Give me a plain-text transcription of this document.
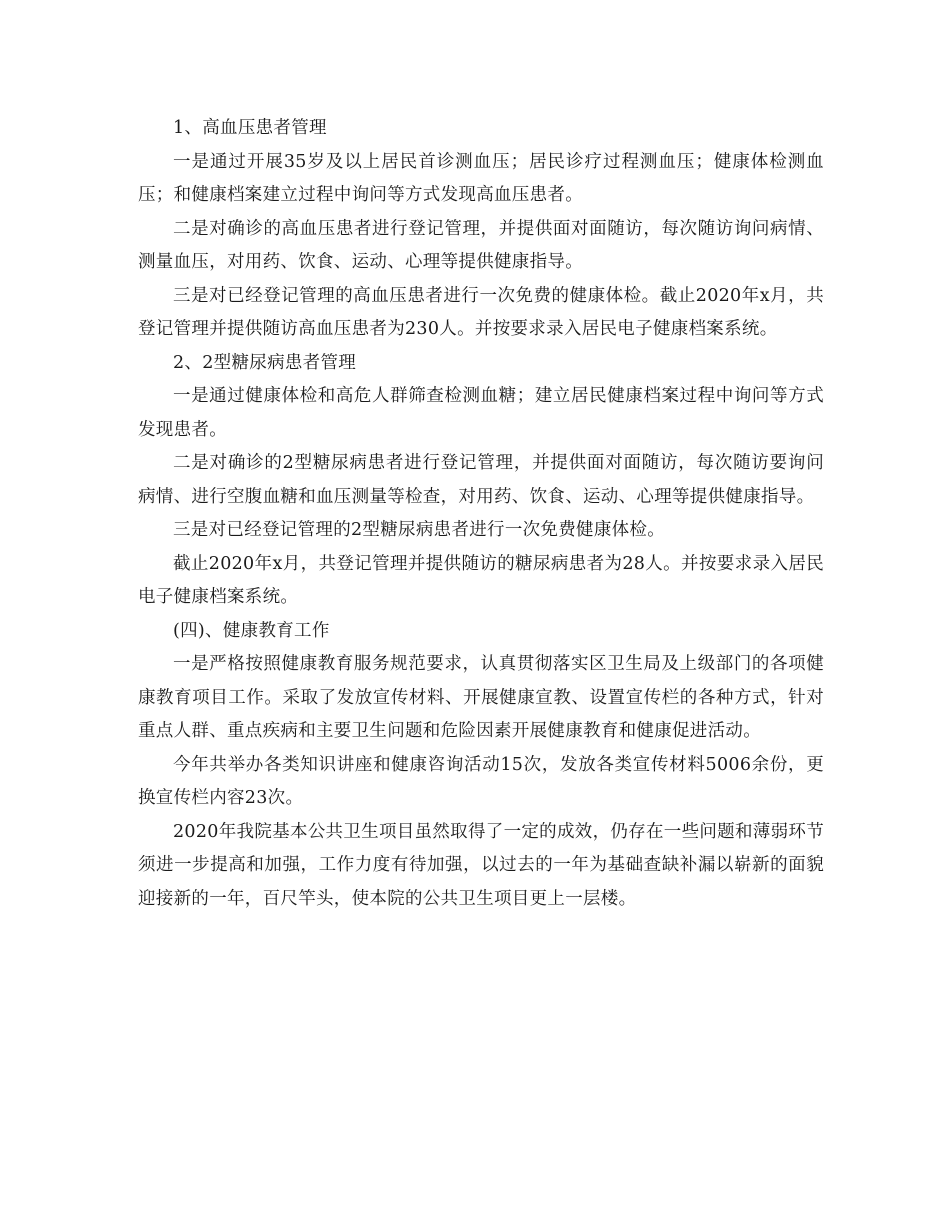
1、高血压患者管理

一是通过开展35岁及以上居民首诊测血压；居民诊疗过程测血压；健康体检测血压；和健康档案建立过程中询问等方式发现高血压患者。

二是对确诊的高血压患者进行登记管理，并提供面对面随访，每次随访询问病情、测量血压，对用药、饮食、运动、心理等提供健康指导。

三是对已经登记管理的高血压患者进行一次免费的健康体检。截止2020年x月，共登记管理并提供随访高血压患者为230人。并按要求录入居民电子健康档案系统。

2、2型糖尿病患者管理

一是通过健康体检和高危人群筛查检测血糖；建立居民健康档案过程中询问等方式发现患者。

二是对确诊的2型糖尿病患者进行登记管理，并提供面对面随访，每次随访要询问病情、进行空腹血糖和血压测量等检查，对用药、饮食、运动、心理等提供健康指导。

三是对已经登记管理的2型糖尿病患者进行一次免费健康体检。

截止2020年x月，共登记管理并提供随访的糖尿病患者为28人。并按要求录入居民电子健康档案系统。

(四)、健康教育工作

一是严格按照健康教育服务规范要求，认真贯彻落实区卫生局及上级部门的各项健康教育项目工作。采取了发放宣传材料、开展健康宣教、设置宣传栏的各种方式，针对重点人群、重点疾病和主要卫生问题和危险因素开展健康教育和健康促进活动。

今年共举办各类知识讲座和健康咨询活动15次，发放各类宣传材料5006余份，更换宣传栏内容23次。

2020年我院基本公共卫生项目虽然取得了一定的成效，仍存在一些问题和薄弱环节须进一步提高和加强，工作力度有待加强，以过去的一年为基础查缺补漏以崭新的面貌迎接新的一年，百尺竿头，使本院的公共卫生项目更上一层楼。
